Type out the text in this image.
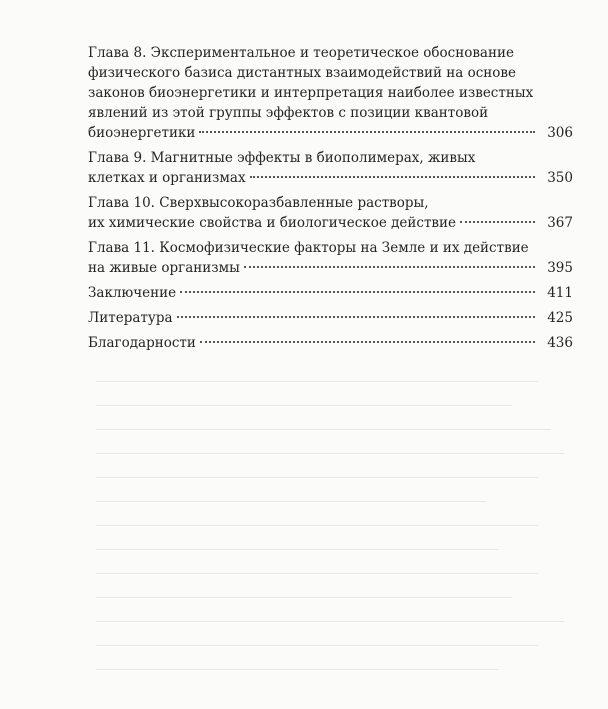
――――――――――――――――――――――――――――――――――
――――――――――――――――――――――――――――――――
―――――――――――――――――――――――――――――――――――
――――――――――――――――――――――――――――――――――――
――――――――――――――――――――――――――――――――――
――――――――――――――――――――――――――――――
――――――――――――――――――――――――――――――――――
―――――――――――――――――――――――――――――――
――――――――――――――――――――――――――――――――――
――――――――――――――――――――――――――――――――
――――――――――――――――――――――――――――――――――――
――――――――――――――――――――――――――――――――――
―――――――――――――――――――――――――――――――
Глава 8. Экспериментальное и теоретическое обоснование
физического базиса дистантных взаимодействий на основе
законов биоэнергетики и интерпретация наиболее известных
явлений из этой группы эффектов с позиции квантовой
биоэнергетики	306
Глава 9. Магнитные эффекты в биополимерах, живых
клетках и организмах	350
Глава 10. Сверхвысокоразбавленные растворы,
их химические свойства и биологическое действие	367
Глава 11. Космофизические факторы на Земле и их действие
на живые организмы	395
Заключение	411
Литература	425
Благодарности	436
